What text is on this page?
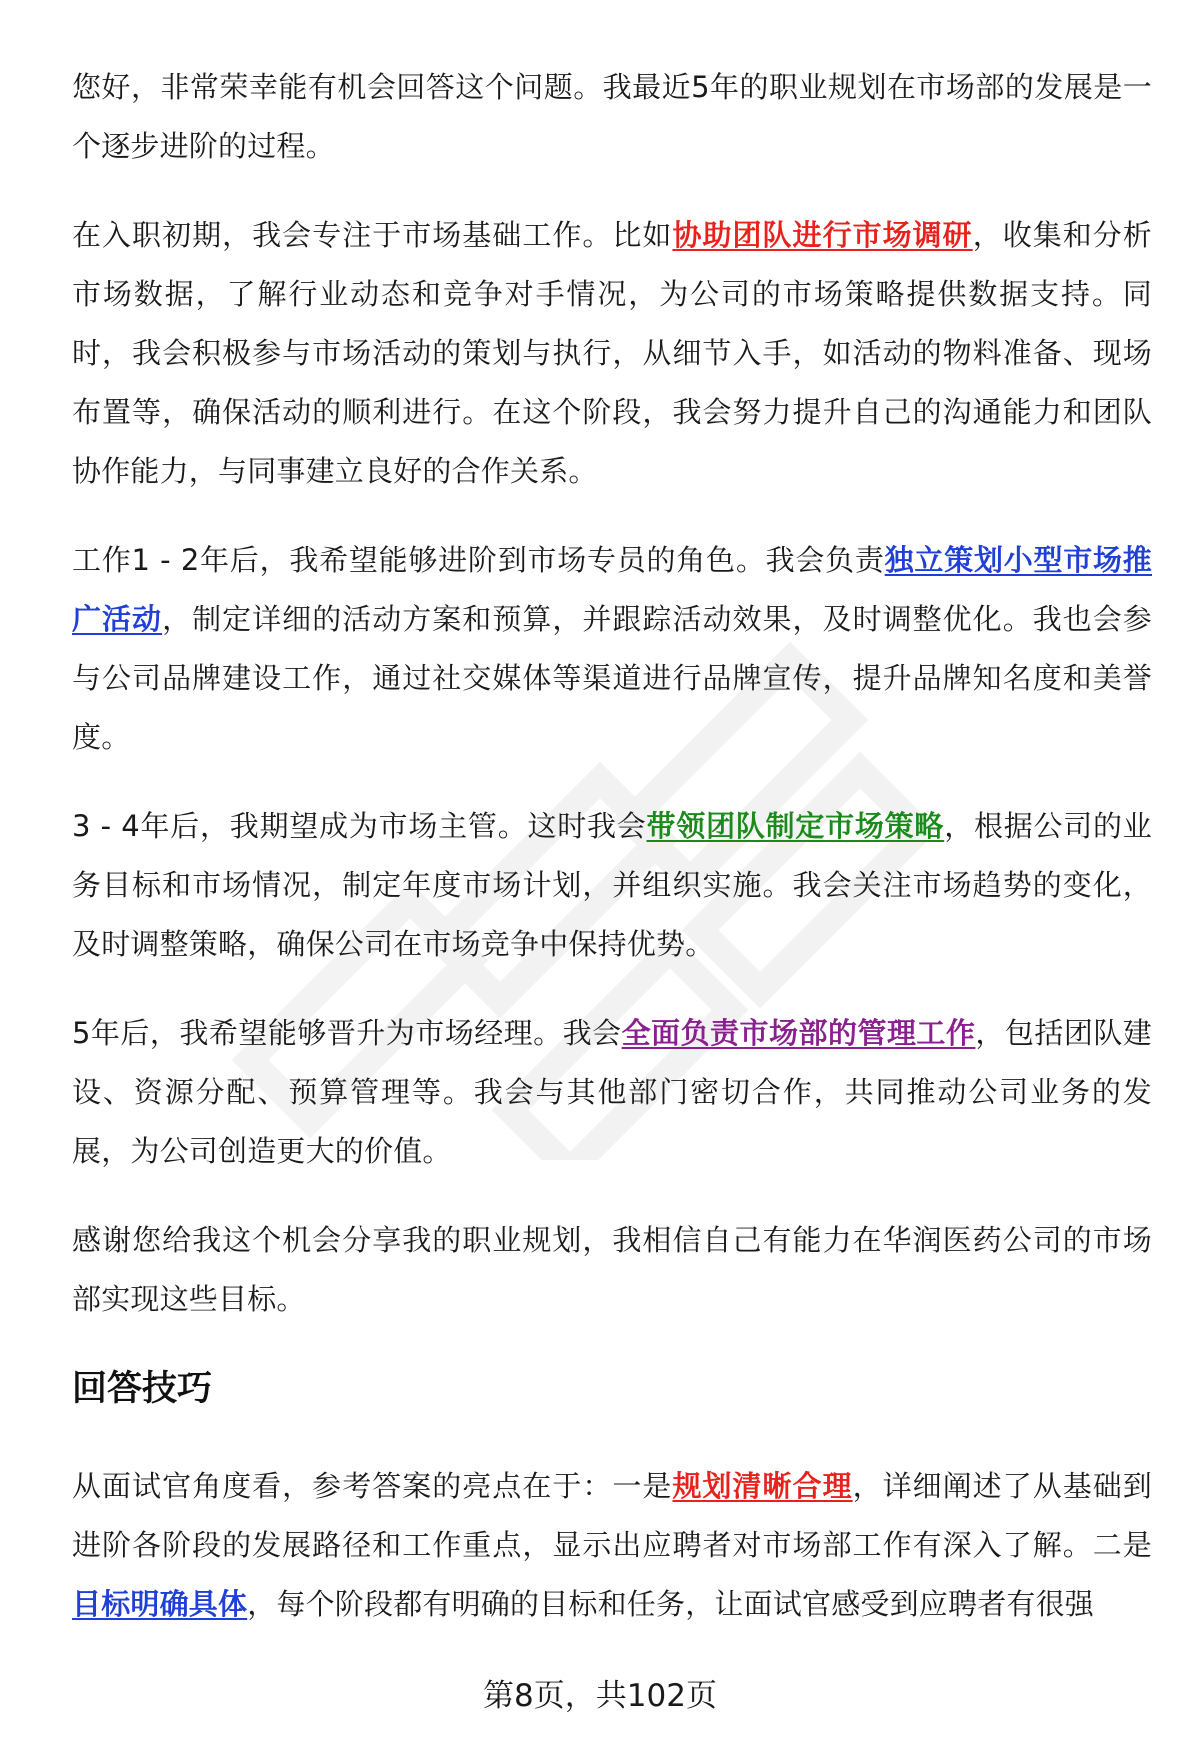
您好，非常荣幸能有机会回答这个问题。我最近5年的职业规划在市场部的发展是一个逐步进阶的过程。

在入职初期，我会专注于市场基础工作。比如协助团队进行市场调研，收集和分析市场数据，了解行业动态和竞争对手情况，为公司的市场策略提供数据支持。同时，我会积极参与市场活动的策划与执行，从细节入手，如活动的物料准备、现场布置等，确保活动的顺利进行。在这个阶段，我会努力提升自己的沟通能力和团队协作能力，与同事建立良好的合作关系。

工作1 - 2年后，我希望能够进阶到市场专员的角色。我会负责独立策划小型市场推广活动，制定详细的活动方案和预算，并跟踪活动效果，及时调整优化。我也会参与公司品牌建设工作，通过社交媒体等渠道进行品牌宣传，提升品牌知名度和美誉度。

3 - 4年后，我期望成为市场主管。这时我会带领团队制定市场策略，根据公司的业务目标和市场情况，制定年度市场计划，并组织实施。我会关注市场趋势的变化，及时调整策略，确保公司在市场竞争中保持优势。

5年后，我希望能够晋升为市场经理。我会全面负责市场部的管理工作，包括团队建设、资源分配、预算管理等。我会与其他部门密切合作，共同推动公司业务的发展，为公司创造更大的价值。

感谢您给我这个机会分享我的职业规划，我相信自己有能力在华润医药公司的市场部实现这些目标。

回答技巧

从面试官角度看，参考答案的亮点在于：一是规划清晰合理，详细阐述了从基础到进阶各阶段的发展路径和工作重点，显示出应聘者对市场部工作有深入了解。二是目标明确具体，每个阶段都有明确的目标和任务，让面试官感受到应聘者有很强

第8页，共102页
